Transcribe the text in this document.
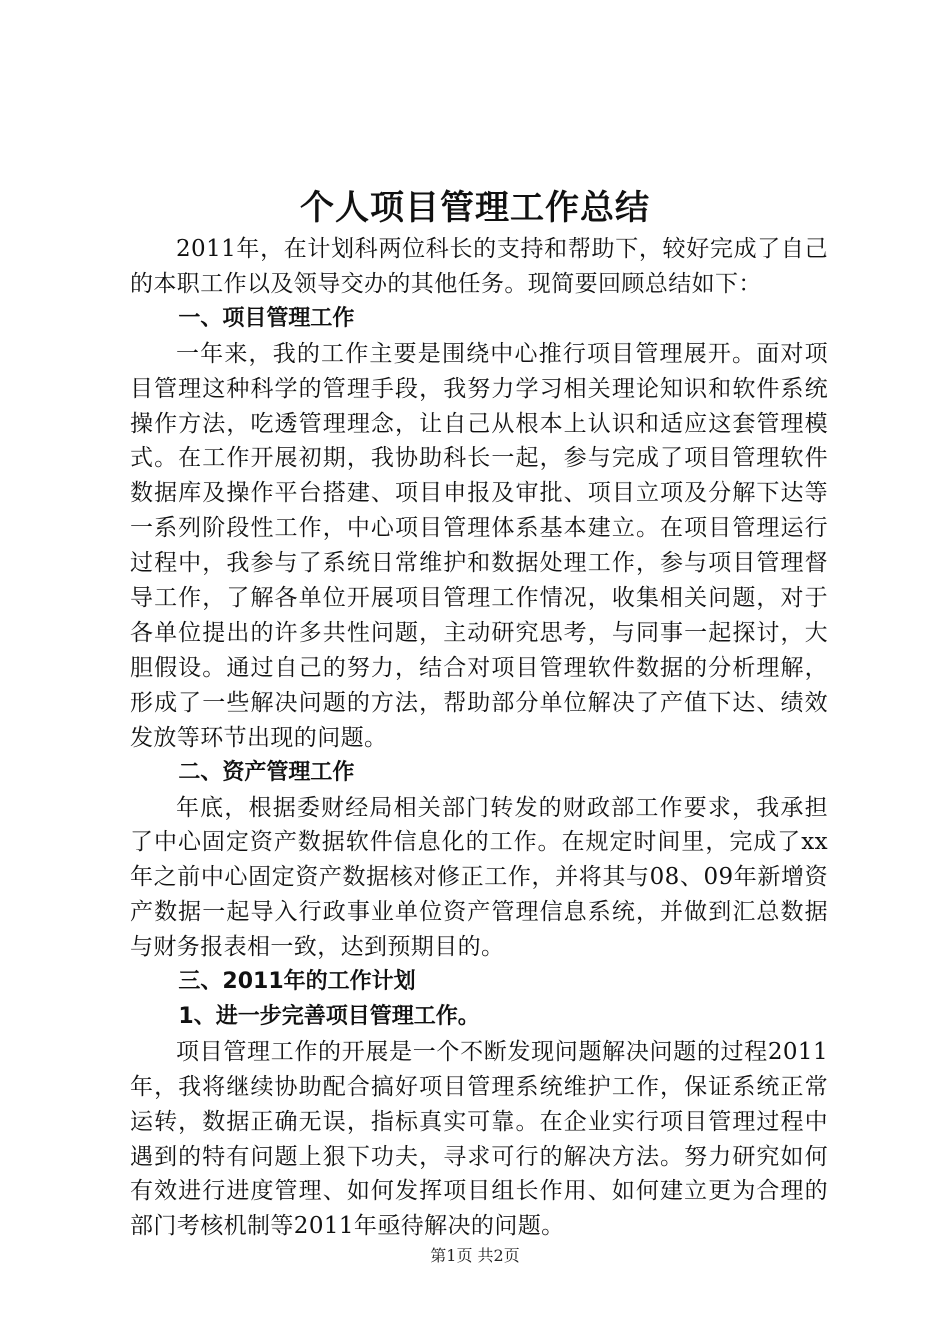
个人项目管理工作总结

2011年，在计划科两位科长的支持和帮助下，较好完成了自己的本职工作以及领导交办的其他任务。现简要回顾总结如下：

一、项目管理工作

一年来，我的工作主要是围绕中心推行项目管理展开。面对项目管理这种科学的管理手段，我努力学习相关理论知识和软件系统操作方法，吃透管理理念，让自己从根本上认识和适应这套管理模式。在工作开展初期，我协助科长一起，参与完成了项目管理软件数据库及操作平台搭建、项目申报及审批、项目立项及分解下达等一系列阶段性工作，中心项目管理体系基本建立。在项目管理运行过程中，我参与了系统日常维护和数据处理工作，参与项目管理督导工作，了解各单位开展项目管理工作情况，收集相关问题，对于各单位提出的许多共性问题，主动研究思考，与同事一起探讨，大胆假设。通过自己的努力，结合对项目管理软件数据的分析理解，形成了一些解决问题的方法，帮助部分单位解决了产值下达、绩效发放等环节出现的问题。

二、资产管理工作

年底，根据委财经局相关部门转发的财政部工作要求，我承担了中心固定资产数据软件信息化的工作。在规定时间里，完成了xx年之前中心固定资产数据核对修正工作，并将其与08、09年新增资产数据一起导入行政事业单位资产管理信息系统，并做到汇总数据与财务报表相一致，达到预期目的。

三、2011年的工作计划

1、进一步完善项目管理工作。

项目管理工作的开展是一个不断发现问题解决问题的过程2011年，我将继续协助配合搞好项目管理系统维护工作，保证系统正常运转，数据正确无误，指标真实可靠。在企业实行项目管理过程中遇到的特有问题上狠下功夫，寻求可行的解决方法。努力研究如何有效进行进度管理、如何发挥项目组长作用、如何建立更为合理的部门考核机制等2011年亟待解决的问题。

第1页 共2页
